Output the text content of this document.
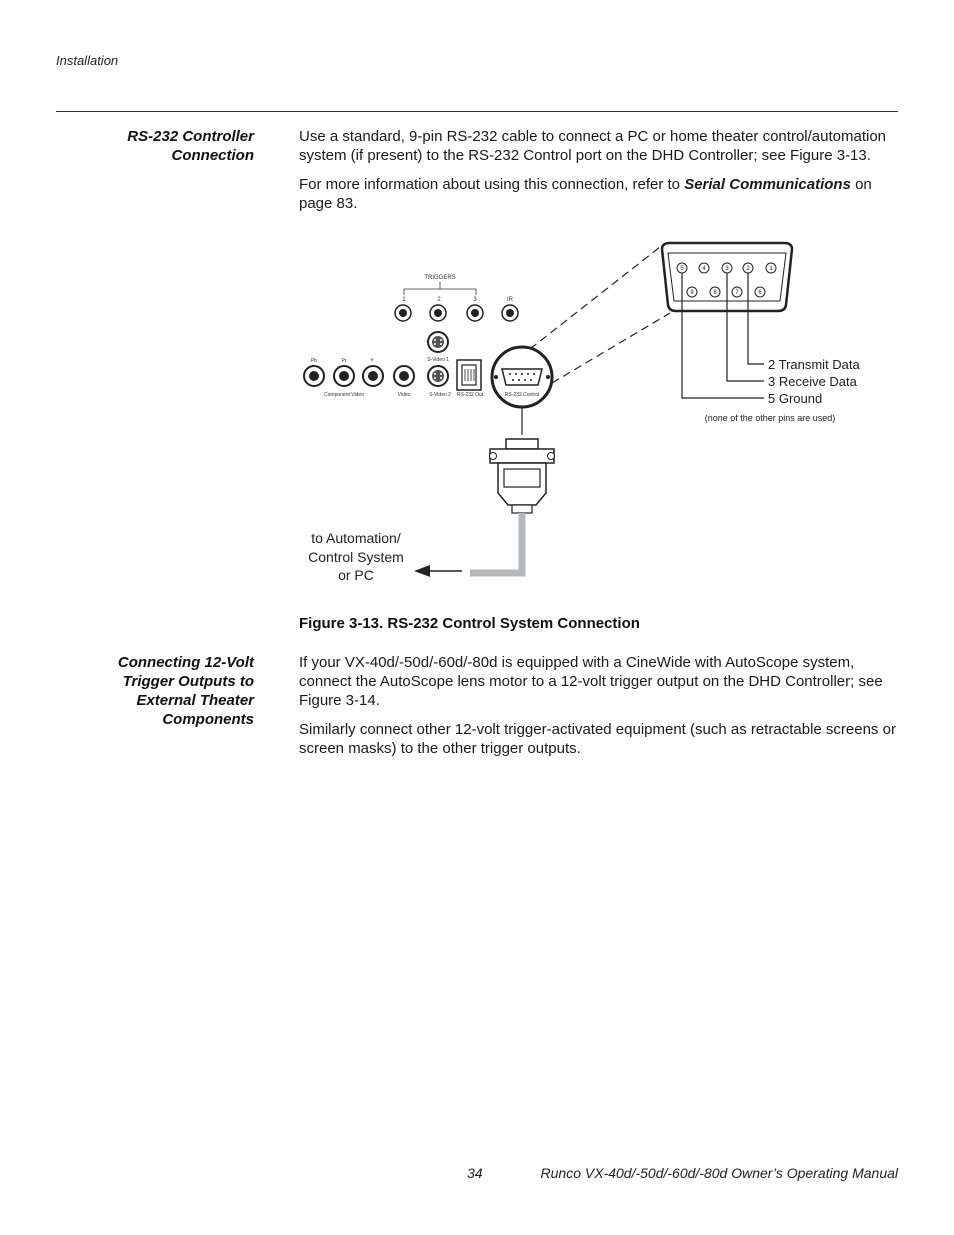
Installation
RS-232 Controller
Connection

Use a standard, 9-pin RS-232 cable to connect a PC or home theater control/automation system (if present) to the RS-232 Control port on the DHD Controller; see Figure 3-13.

For more information about using this connection, refer to Serial Communications on page 83.

TRIGGERS
1	2	3	IR
S-Video 1
Pb	Pr	Y
Component Video	Video	S-Video 2 RS-232 Out	RS-232 Control
to Automation/
Control System
or PC
5	4	3	2	1
9	8	7	6
2 Transmit Data
3 Receive Data
5 Ground
(none of the other pins are used)
Figure 3-13. RS-232 Control System Connection
Connecting 12-Volt
Trigger Outputs to
External Theater
Components

If your VX-40d/-50d/-60d/-80d is equipped with a CineWide with AutoScope system, connect the AutoScope lens motor to a 12-volt trigger output on the DHD Controller; see Figure 3-14.

Similarly connect other 12-volt trigger-activated equipment (such as retractable screens or screen masks) to the other trigger outputs.

34	Runco VX-40d/-50d/-60d/-80d Owner’s Operating Manual
